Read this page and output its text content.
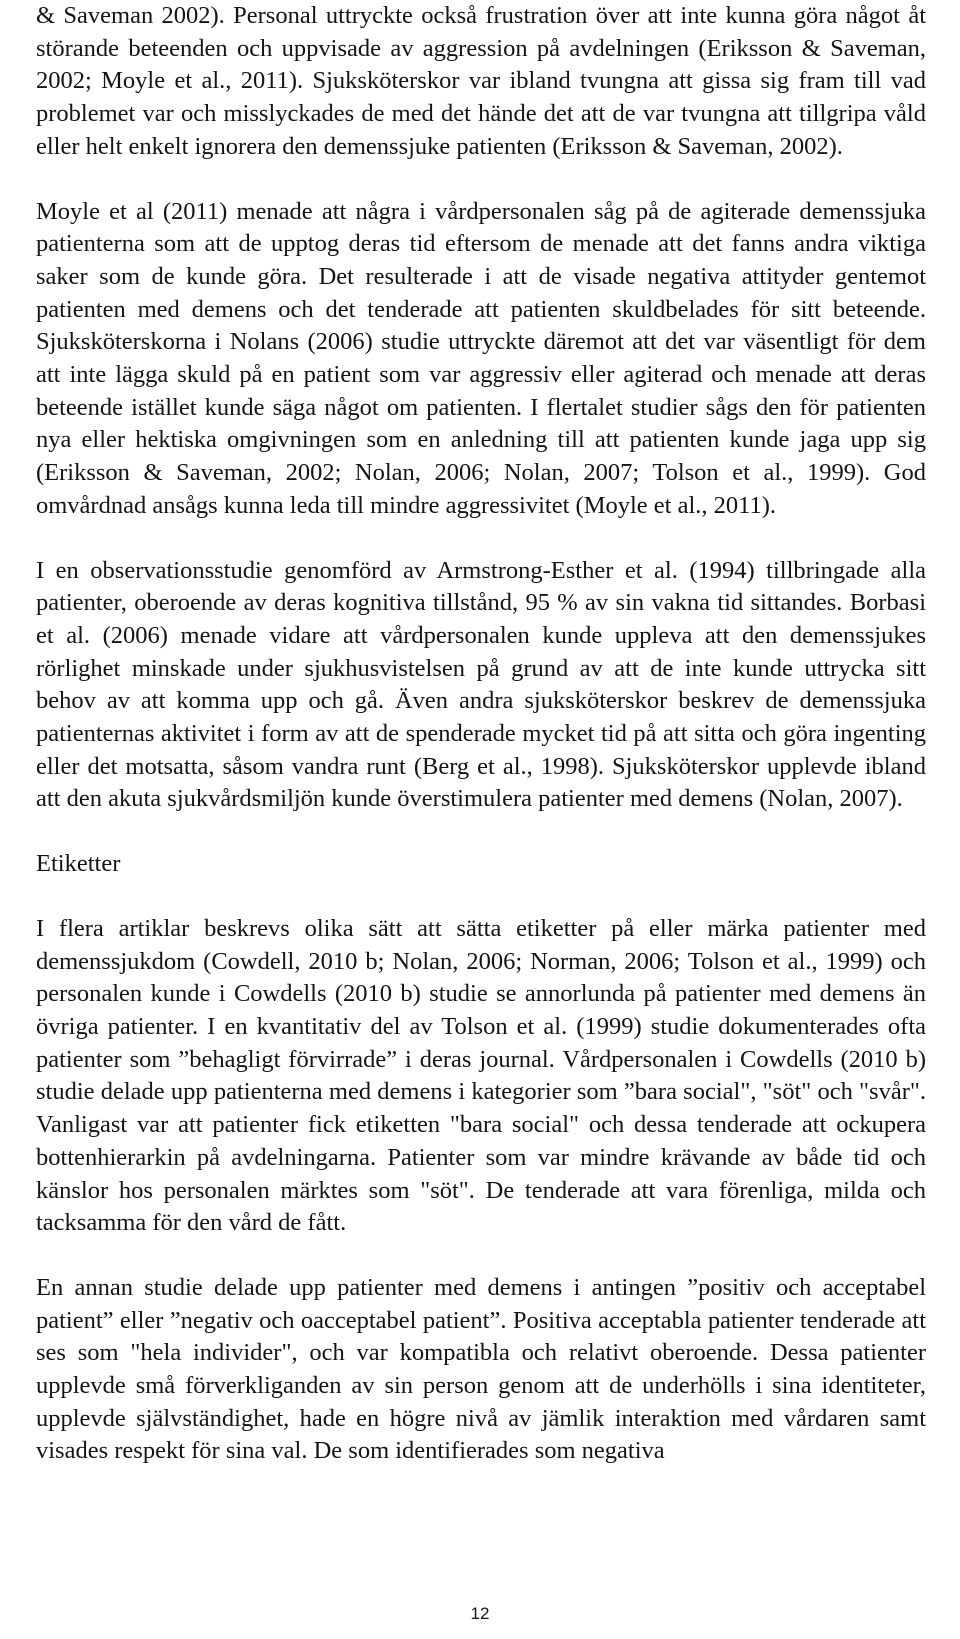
& Saveman 2002). Personal uttryckte också frustration över att inte kunna göra något åt störande beteenden och uppvisade av aggression på avdelningen (Eriksson & Saveman, 2002; Moyle et al., 2011). Sjuksköterskor var ibland tvungna att gissa sig fram till vad problemet var och misslyckades de med det hände det att de var tvungna att tillgripa våld eller helt enkelt ignorera den demenssjuke patienten (Eriksson & Saveman, 2002).

Moyle et al (2011) menade att några i vårdpersonalen såg på de agiterade demenssjuka patienterna som att de upptog deras tid eftersom de menade att det fanns andra viktiga saker som de kunde göra. Det resulterade i att de visade negativa attityder gentemot patienten med demens och det tenderade att patienten skuldbelades för sitt beteende. Sjuksköterskorna i Nolans (2006) studie uttryckte däremot att det var väsentligt för dem att inte lägga skuld på en patient som var aggressiv eller agiterad och menade att deras beteende istället kunde säga något om patienten. I flertalet studier sågs den för patienten nya eller hektiska omgivningen som en anledning till att patienten kunde jaga upp sig (Eriksson & Saveman, 2002; Nolan, 2006; Nolan, 2007; Tolson et al., 1999). God omvårdnad ansågs kunna leda till mindre aggressivitet (Moyle et al., 2011).

I en observationsstudie genomförd av Armstrong-Esther et al. (1994) tillbringade alla patienter, oberoende av deras kognitiva tillstånd, 95 % av sin vakna tid sittandes. Borbasi et al. (2006) menade vidare att vårdpersonalen kunde uppleva att den demenssjukes rörlighet minskade under sjukhusvistelsen på grund av att de inte kunde uttrycka sitt behov av att komma upp och gå. Även andra sjuksköterskor beskrev de demenssjuka patienternas aktivitet i form av att de spenderade mycket tid på att sitta och göra ingenting eller det motsatta, såsom vandra runt (Berg et al., 1998). Sjuksköterskor upplevde ibland att den akuta sjukvårdsmiljön kunde överstimulera patienter med demens (Nolan, 2007).

Etiketter

I flera artiklar beskrevs olika sätt att sätta etiketter på eller märka patienter med demenssjukdom (Cowdell, 2010 b; Nolan, 2006; Norman, 2006; Tolson et al., 1999) och personalen kunde i Cowdells (2010 b) studie se annorlunda på patienter med demens än övriga patienter. I en kvantitativ del av Tolson et al. (1999) studie dokumenterades ofta patienter som ”behagligt förvirrade” i deras journal. Vårdpersonalen i Cowdells (2010 b) studie delade upp patienterna med demens i kategorier som ”bara social", "söt" och "svår". Vanligast var att patienter fick etiketten "bara social" och dessa tenderade att ockupera bottenhierarkin på avdelningarna. Patienter som var mindre krävande av både tid och känslor hos personalen märktes som "söt". De tenderade att vara förenliga, milda och tacksamma för den vård de fått.

En annan studie delade upp patienter med demens i antingen ”positiv och acceptabel patient” eller ”negativ och oacceptabel patient”. Positiva acceptabla patienter tenderade att ses som "hela individer", och var kompatibla och relativt oberoende. Dessa patienter upplevde små förverkliganden av sin person genom att de underhölls i sina identiteter, upplevde självständighet, hade en högre nivå av jämlik interaktion med vårdaren samt visades respekt för sina val. De som identifierades som negativa

12
